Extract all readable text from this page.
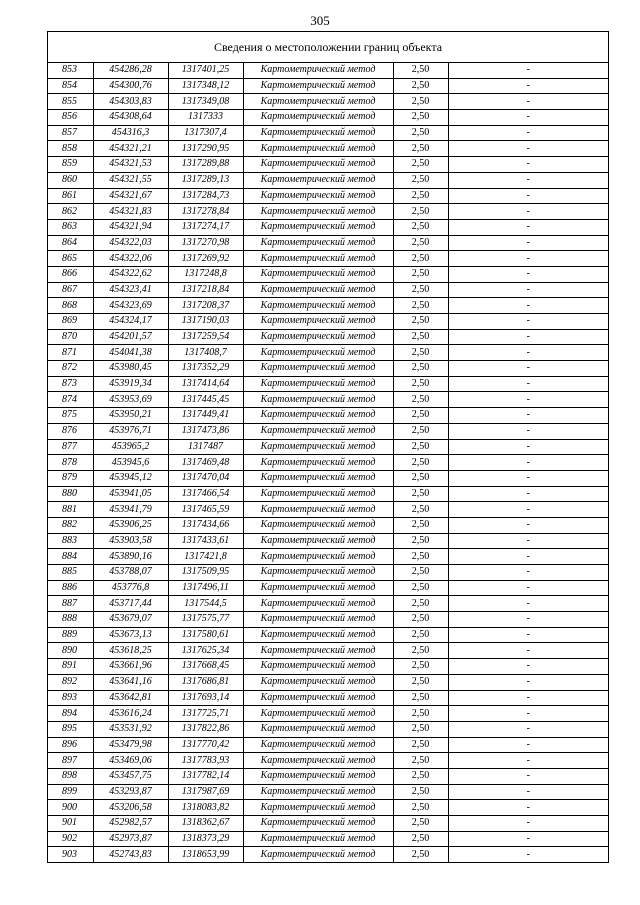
305
Сведения о местоположении границ объекта
853	454286,28	1317401,25	Картометрический метод	2,50	-
854	454300,76	1317348,12	Картометрический метод	2,50	-
855	454303,83	1317349,08	Картометрический метод	2,50	-
856	454308,64	1317333	Картометрический метод	2,50	-
857	454316,3	1317307,4	Картометрический метод	2,50	-
858	454321,21	1317290,95	Картометрический метод	2,50	-
859	454321,53	1317289,88	Картометрический метод	2,50	-
860	454321,55	1317289,13	Картометрический метод	2,50	-
861	454321,67	1317284,73	Картометрический метод	2,50	-
862	454321,83	1317278,84	Картометрический метод	2,50	-
863	454321,94	1317274,17	Картометрический метод	2,50	-
864	454322,03	1317270,98	Картометрический метод	2,50	-
865	454322,06	1317269,92	Картометрический метод	2,50	-
866	454322,62	1317248,8	Картометрический метод	2,50	-
867	454323,41	1317218,84	Картометрический метод	2,50	-
868	454323,69	1317208,37	Картометрический метод	2,50	-
869	454324,17	1317190,03	Картометрический метод	2,50	-
870	454201,57	1317259,54	Картометрический метод	2,50	-
871	454041,38	1317408,7	Картометрический метод	2,50	-
872	453980,45	1317352,29	Картометрический метод	2,50	-
873	453919,34	1317414,64	Картометрический метод	2,50	-
874	453953,69	1317445,45	Картометрический метод	2,50	-
875	453950,21	1317449,41	Картометрический метод	2,50	-
876	453976,71	1317473,86	Картометрический метод	2,50	-
877	453965,2	1317487	Картометрический метод	2,50	-
878	453945,6	1317469,48	Картометрический метод	2,50	-
879	453945,12	1317470,04	Картометрический метод	2,50	-
880	453941,05	1317466,54	Картометрический метод	2,50	-
881	453941,79	1317465,59	Картометрический метод	2,50	-
882	453906,25	1317434,66	Картометрический метод	2,50	-
883	453903,58	1317433,61	Картометрический метод	2,50	-
884	453890,16	1317421,8	Картометрический метод	2,50	-
885	453788,07	1317509,95	Картометрический метод	2,50	-
886	453776,8	1317496,11	Картометрический метод	2,50	-
887	453717,44	1317544,5	Картометрический метод	2,50	-
888	453679,07	1317575,77	Картометрический метод	2,50	-
889	453673,13	1317580,61	Картометрический метод	2,50	-
890	453618,25	1317625,34	Картометрический метод	2,50	-
891	453661,96	1317668,45	Картометрический метод	2,50	-
892	453641,16	1317686,81	Картометрический метод	2,50	-
893	453642,81	1317693,14	Картометрический метод	2,50	-
894	453616,24	1317725,71	Картометрический метод	2,50	-
895	453531,92	1317822,86	Картометрический метод	2,50	-
896	453479,98	1317770,42	Картометрический метод	2,50	-
897	453469,06	1317783,93	Картометрический метод	2,50	-
898	453457,75	1317782,14	Картометрический метод	2,50	-
899	453293,87	1317987,69	Картометрический метод	2,50	-
900	453206,58	1318083,82	Картометрический метод	2,50	-
901	452982,57	1318362,67	Картометрический метод	2,50	-
902	452973,87	1318373,29	Картометрический метод	2,50	-
903	452743,83	1318653,99	Картометрический метод	2,50	-
